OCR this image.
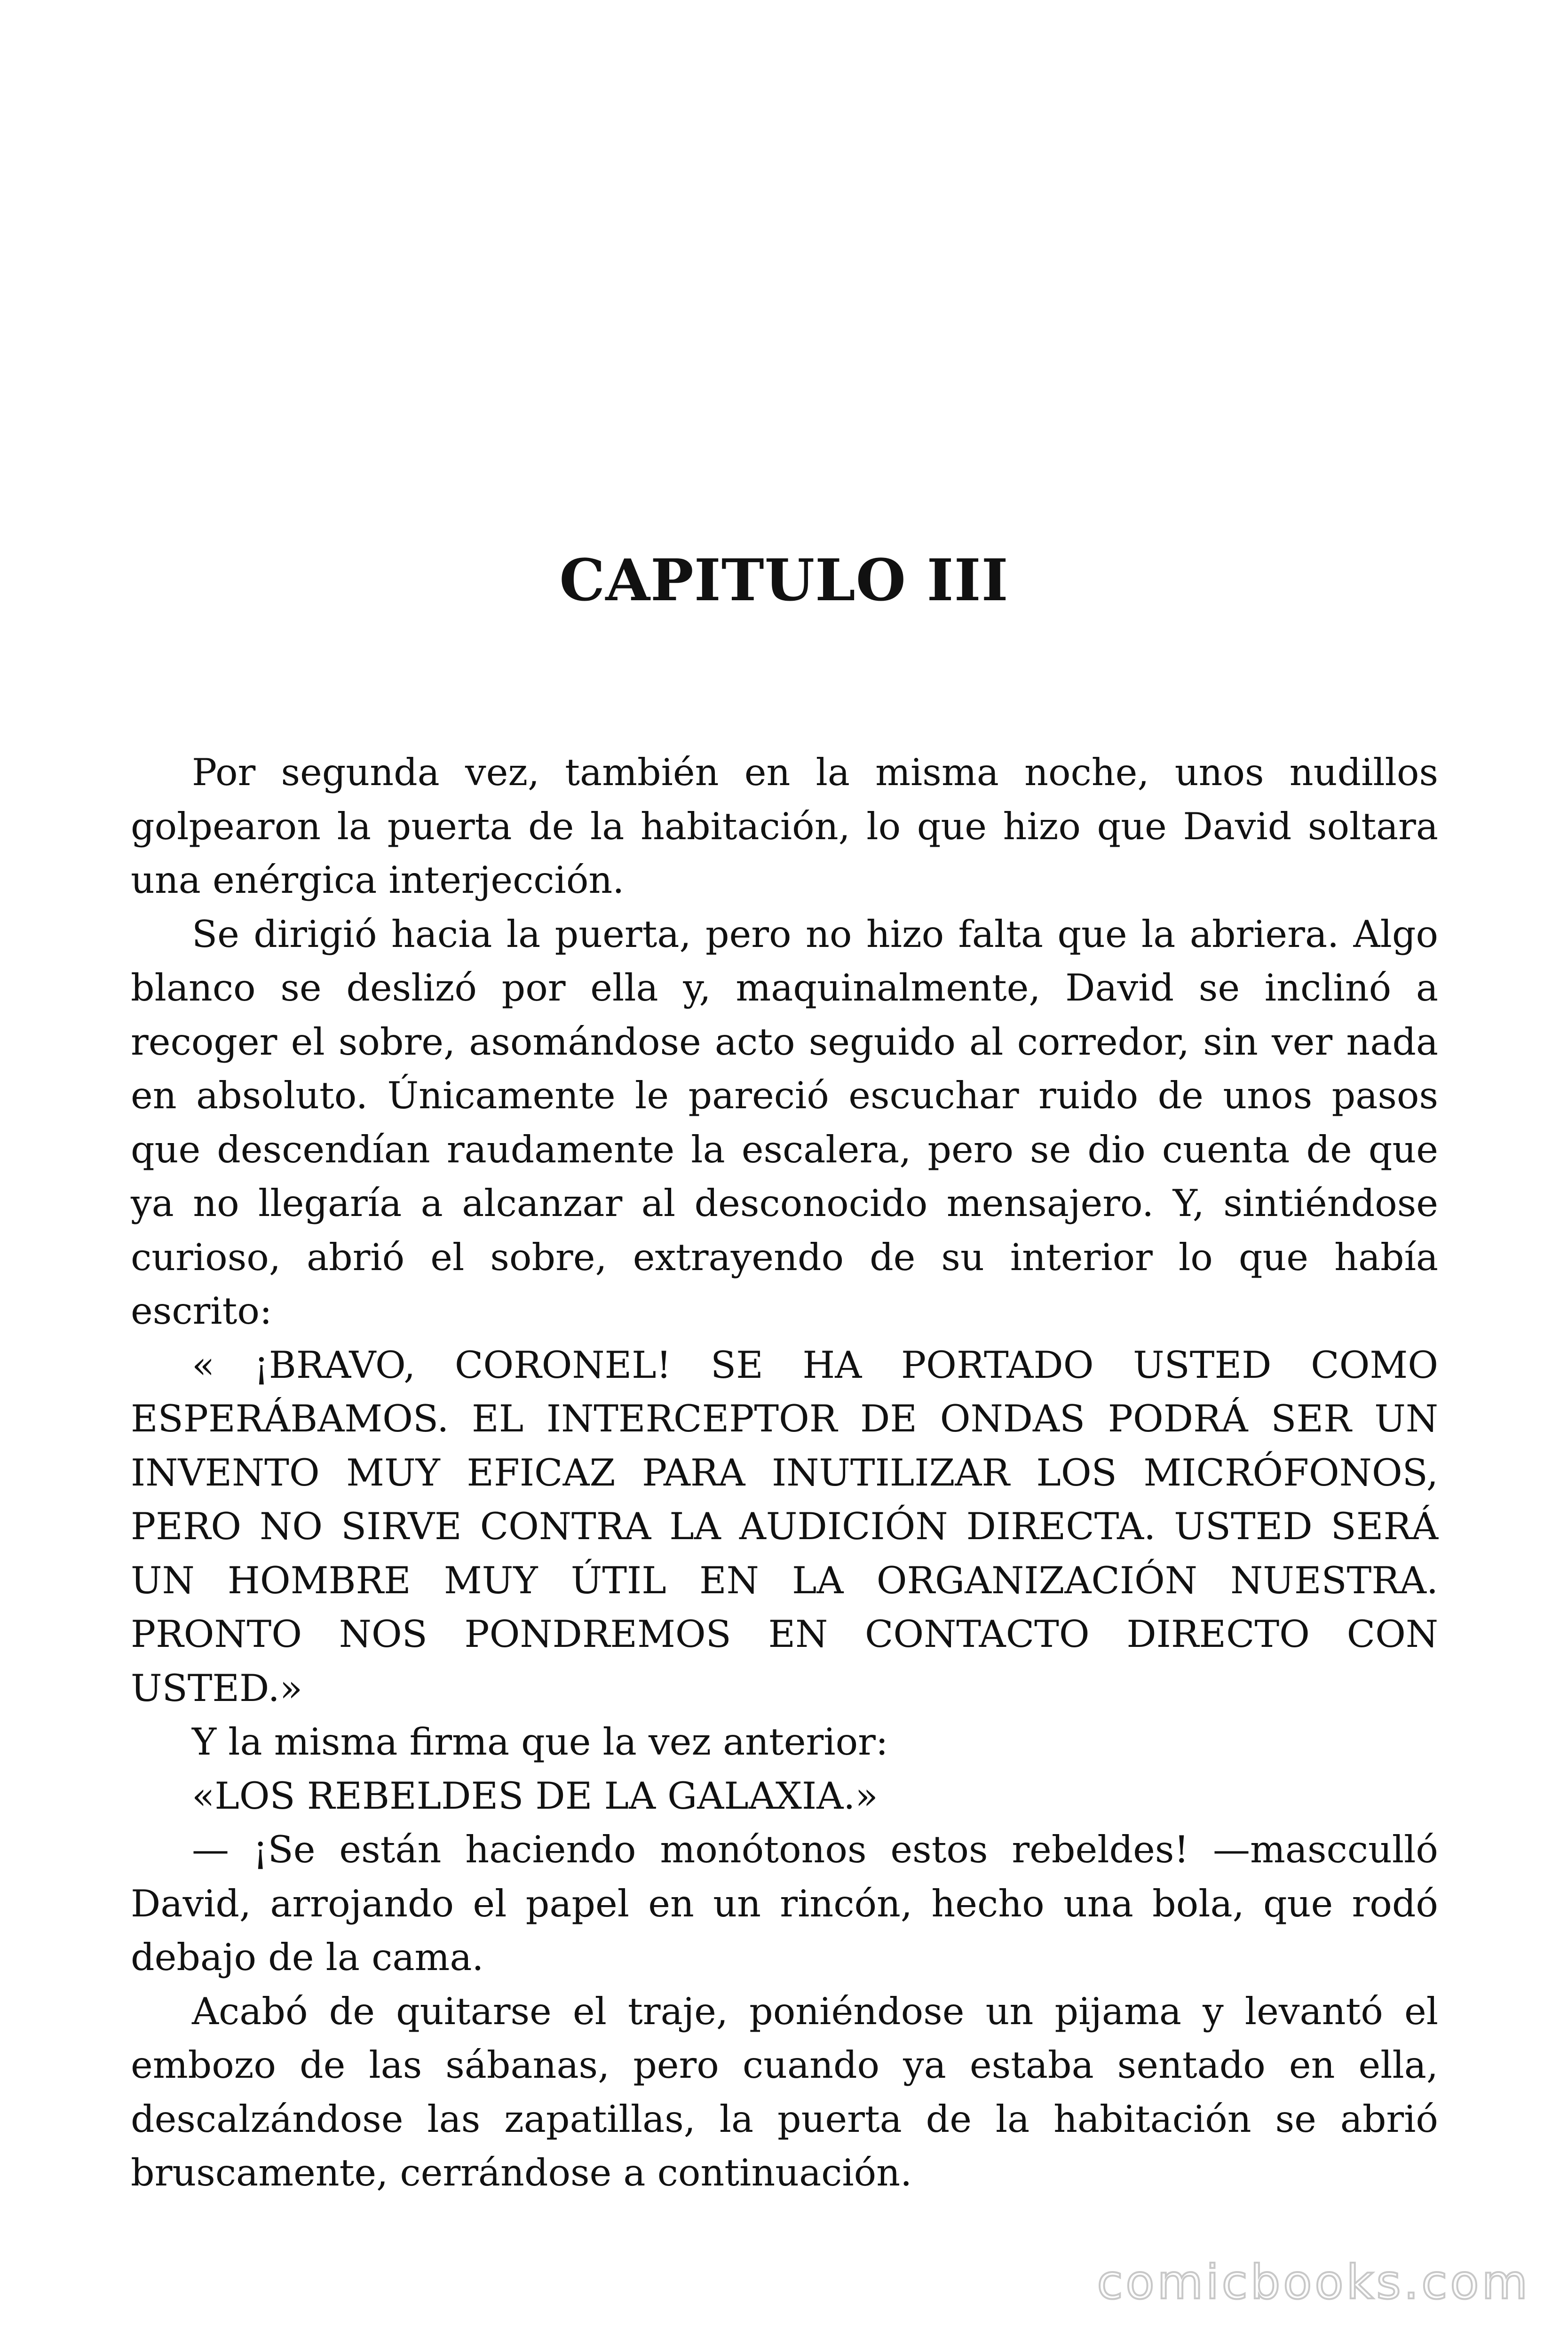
CAPITULO III

Por segunda vez, también en la misma noche, unos nudillos golpearon la puerta de la habitación, lo que hizo que David soltara una enérgica interjección.

Se dirigió hacia la puerta, pero no hizo falta que la abriera. Algo blanco se deslizó por ella y, maquinalmente, David se inclinó a recoger el sobre, asomándose acto seguido al corredor, sin ver nada en absoluto. Únicamente le pareció escuchar ruido de unos pasos que descendían raudamente la escalera, pero se dio cuenta de que ya no llegaría a alcanzar al desconocido mensajero. Y, sintiéndose curioso, abrió el sobre, extrayendo de su interior lo que había escrito:

« ¡BRAVO, CORONEL! SE HA PORTADO USTED COMO ESPERÁBAMOS. EL INTERCEPTOR DE ONDAS PODRÁ SER UN INVENTO MUY EFICAZ PARA INUTILIZAR LOS MICRÓFONOS, PERO NO SIRVE CONTRA LA AUDICIÓN DIRECTA. USTED SERÁ UN HOMBRE MUY ÚTIL EN LA ORGANIZACIÓN NUESTRA. PRONTO NOS PONDREMOS EN CONTACTO DIRECTO CON USTED.»

Y la misma firma que la vez anterior:

«LOS REBELDES DE LA GALAXIA.»

— ¡Se están haciendo monótonos estos rebeldes! —mascculló David, arrojando el papel en un rincón, hecho una bola, que rodó debajo de la cama.

Acabó de quitarse el traje, poniéndose un pijama y levantó el embozo de las sábanas, pero cuando ya estaba sentado en ella, descalzándose las zapatillas, la puerta de la habitación se abrió bruscamente, cerrándose a continuación.

comicbooks.com
